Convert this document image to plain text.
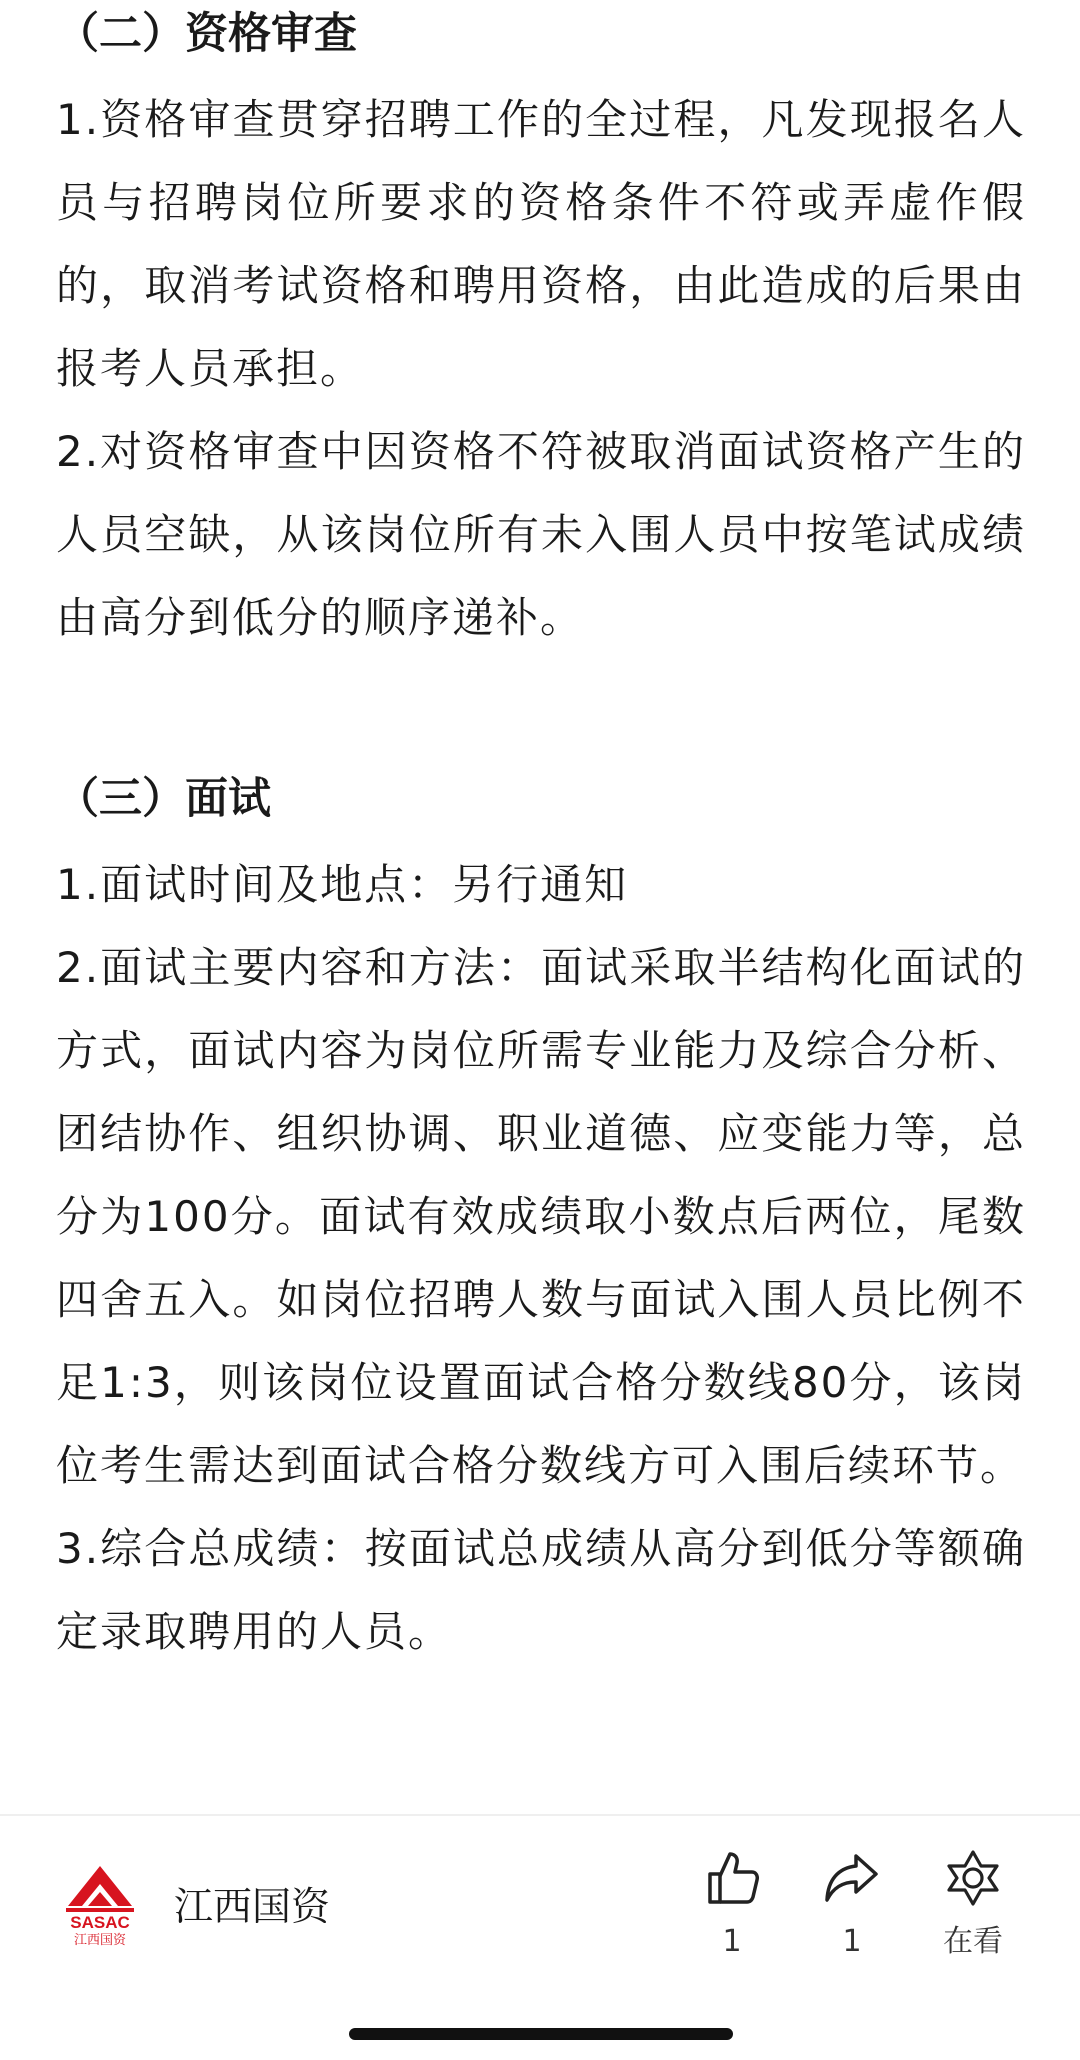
（二）资格审查

1.资格审查贯穿招聘工作的全过程，凡发现报名人员与招聘岗位所要求的资格条件不符或弄虚作假的，取消考试资格和聘用资格，由此造成的后果由报考人员承担。

2.对资格审查中因资格不符被取消面试资格产生的人员空缺，从该岗位所有未入围人员中按笔试成绩由高分到低分的顺序递补。

（三）面试

1.面试时间及地点：另行通知

2.面试主要内容和方法：面试采取半结构化面试的方式，面试内容为岗位所需专业能力及综合分析、团结协作、组织协调、职业道德、应变能力等，总分为100分。面试有效成绩取小数点后两位，尾数四舍五入。如岗位招聘人数与面试入围人员比例不足1:3，则该岗位设置面试合格分数线80分，该岗位考生需达到面试合格分数线方可入围后续环节。

3.综合总成绩：按面试总成绩从高分到低分等额确定录取聘用的人员。

SASAC
江西国资
江西国资
1	1	在看
